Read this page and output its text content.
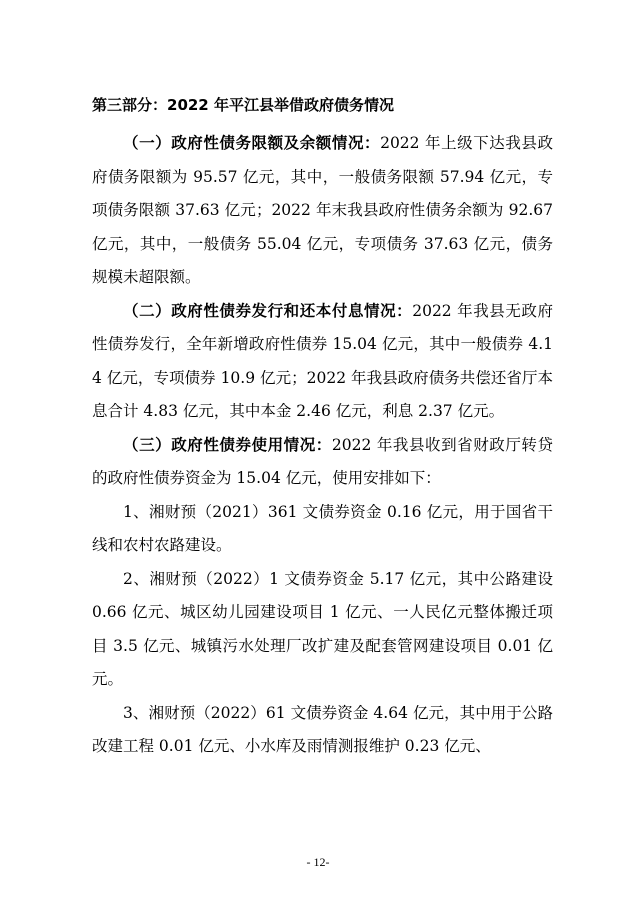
第三部分：2022 年平江县举借政府债务情况

（一）政府性债务限额及余额情况：2022 年上级下达我县政府债务限额为 95.57 亿元，其中，一般债务限额 57.94 亿元，专项债务限额 37.63 亿元；2022 年末我县政府性债务余额为 92.67 亿元，其中，一般债务 55.04 亿元，专项债务 37.63 亿元，债务规模未超限额。

（二）政府性债券发行和还本付息情况：2022 年我县无政府性债券发行，全年新增政府性债券 15.04 亿元，其中一般债券 4.14 亿元，专项债券 10.9 亿元；2022 年我县政府债务共偿还省厅本息合计 4.83 亿元，其中本金 2.46 亿元，利息 2.37 亿元。

（三）政府性债券使用情况：2022 年我县收到省财政厅转贷的政府性债券资金为 15.04 亿元，使用安排如下：

1、湘财预（2021）361 文债券资金 0.16 亿元，用于国省干线和农村农路建设。

2、湘财预（2022）1 文债券资金 5.17 亿元，其中公路建设 0.66 亿元、城区幼儿园建设项目 1 亿元、一人民亿元整体搬迁项目 3.5 亿元、城镇污水处理厂改扩建及配套管网建设项目 0.01 亿元。

3、湘财预（2022）61 文债券资金 4.64 亿元，其中用于公路改建工程 0.01 亿元、小水库及雨情测报维护 0.23 亿元、

- 12-
